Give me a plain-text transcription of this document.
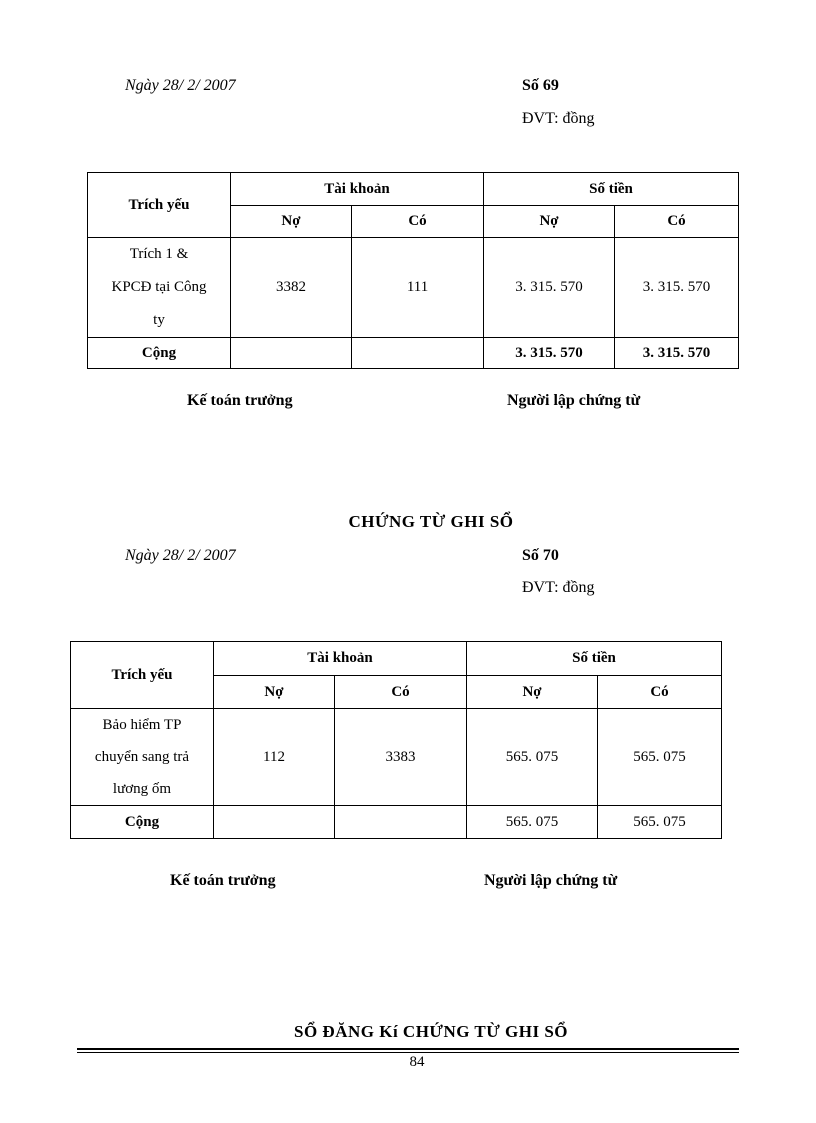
Ngày 28/ 2/ 2007	Số 69
ĐVT: đồng
Trích yếu	Tài khoản		Số tiền	
	Nợ	Có	Nợ	Có

Trích 1 &
KPCĐ tại Công
ty	3382	111	3. 315. 570	3. 315. 570
Cộng			3. 315. 570	3. 315. 570
Kế toán trưởng	Người lập chứng từ
CHỨNG TỪ GHI SỔ
Ngày 28/ 2/ 2007	Số 70
ĐVT: đồng
Trích yếu	Tài khoản		Số tiền	
	Nợ	Có	Nợ	Có

Bảo hiểm TP
chuyển sang trả
lương ốm	112	3383	565. 075	565. 075
Cộng			565. 075	565. 075
Kế toán trưởng	Người lập chứng từ
SỔ ĐĂNG Kí CHỨNG TỪ GHI SỔ
84
